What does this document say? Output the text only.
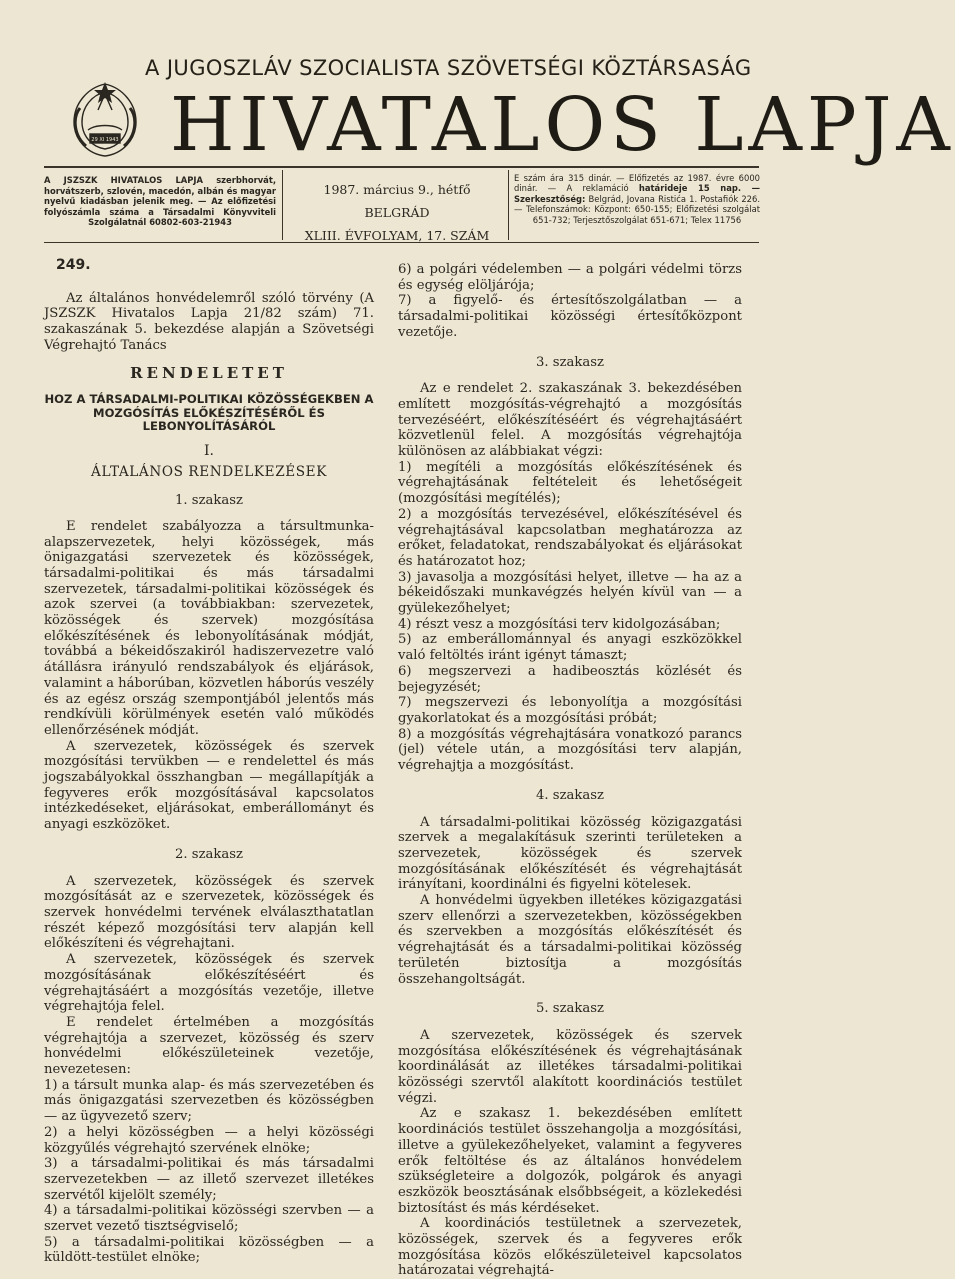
29 XI 1943
A JUGOSZLÁV SZOCIALISTA SZÖVETSÉGI KÖZTÁRSASÁG
HIVATALOS LAPJA
A JSZSZK HIVATALOS LAPJA szerbhorvát, horvátszerb, szlovén, macedón, albán és magyar nyelvű kiadásban jelenik meg. — Az előfizetési folyószámla száma a Társadalmi Könyvviteli Szolgálatnál 60802-603-21943
1987. március 9., hétfő
BELGRÁD
XLIII. ÉVFOLYAM, 17. SZÁM
E szám ára 315 dinár. — Előfizetés az 1987. évre 6000 dinár. — A reklamáció határideje 15 nap. — Szerkesztőség: Belgrád, Jovana Ristića 1. Postafiók 226. — Telefonszámok: Központ: 650-155; Előfizetési szolgálat 651-732; Terjesztőszolgálat 651-671; Telex 11756
249.

Az általános honvédelemről szóló törvény (A JSZSZK Hivatalos Lapja 21/82 szám) 71. szakaszának 5. bekezdése alapján a Szövetségi Végrehajtó Tanács

RENDELETET
HOZ A TÁRSADALMI-POLITIKAI KÖZÖSSÉGEKBEN A MOZGÓSÍTÁS ELŐKÉSZÍTÉSÉRŐL ÉS LEBONYOLÍTÁSÁRÓL
I.
ÁLTALÁNOS RENDELKEZÉSEK
1. szakasz

E rendelet szabályozza a társultmunka-alapszervezetek, helyi közösségek, más önigazgatási szervezetek és közösségek, társadalmi-politikai és más társadalmi szervezetek, társadalmi-politikai közösségek és azok szervei (a továbbiakban: szervezetek, közösségek és szervek) mozgósítása előkészítésének és lebonyolításának módját, továbbá a békeidőszakiról hadiszervezetre való átállásra irányuló rendszabályok és eljárások, valamint a háborúban, közvetlen háborús veszély és az egész ország szempontjából jelentős más rendkívüli körülmények esetén való működés ellenőrzésének módját.

A szervezetek, közösségek és szervek mozgósítási tervükben — e rendelettel és más jogszabályokkal összhangban — megállapítják a fegyveres erők mozgósításával kapcsolatos intézkedéseket, eljárásokat, emberállományt és anyagi eszközöket.

2. szakasz

A szervezetek, közösségek és szervek mozgósítását az e szervezetek, közösségek és szervek honvédelmi tervének elválaszthatatlan részét képező mozgósítási terv alapján kell előkészíteni és végrehajtani.

A szervezetek, közösségek és szervek mozgósításának előkészítéséért és végrehajtásáért a mozgósítás vezetője, illetve végrehajtója felel.

E rendelet értelmében a mozgósítás végrehajtója a szervezet, közösség és szerv honvédelmi előkészületeinek vezetője, nevezetesen:

1) a társult munka alap- és más szervezetében és más önigazgatási szervezetben és közösségben — az ügyvezető szerv;

2) a helyi közösségben — a helyi közösségi közgyűlés végrehajtó szervének elnöke;

3) a társadalmi-politikai és más társadalmi szervezetekben — az illető szervezet illetékes szervétől kijelölt személy;

4) a társadalmi-politikai közösségi szervben — a szervet vezető tisztségviselő;

5) a társadalmi-politikai közösségben — a küldött-testület elnöke;

6) a polgári védelemben — a polgári védelmi törzs és egység elöljárója;

7) a figyelő- és értesítőszolgálatban — a társadalmi-politikai közösségi értesítőközpont vezetője.

3. szakasz

Az e rendelet 2. szakaszának 3. bekezdésében említett mozgósítás-végrehajtó a mozgósítás tervezéséért, előkészítéséért és végrehajtásáért közvetlenül felel. A mozgósítás végrehajtója különösen az alábbiakat végzi:

1) megítéli a mozgósítás előkészítésének és végrehajtásának feltételeit és lehetőségeit (mozgósítási megítélés);

2) a mozgósítás tervezésével, előkészítésével és végrehajtásával kapcsolatban meghatározza az erőket, feladatokat, rendszabályokat és eljárásokat és határozatot hoz;

3) javasolja a mozgósítási helyet, illetve — ha az a békeidőszaki munkavégzés helyén kívül van — a gyülekezőhelyet;

4) részt vesz a mozgósítási terv kidolgozásában;

5) az emberállománnyal és anyagi eszközökkel való feltöltés iránt igényt támaszt;

6) megszervezi a hadibeosztás közlését és bejegyzését;

7) megszervezi és lebonyolítja a mozgósítási gyakorlatokat és a mozgósítási próbát;

8) a mozgósítás végrehajtására vonatkozó parancs (jel) vétele után, a mozgósítási terv alapján, végrehajtja a mozgósítást.

4. szakasz

A társadalmi-politikai közösség közigazgatási szervek a megalakításuk szerinti területeken a szervezetek, közösségek és szervek mozgósításának előkészítését és végrehajtását irányítani, koordinálni és figyelni kötelesek.

A honvédelmi ügyekben illetékes közigazgatási szerv ellenőrzi a szervezetekben, közösségekben és szervekben a mozgósítás előkészítését és végrehajtását és a társadalmi-politikai közösség területén biztosítja a mozgósítás összehangoltságát.

5. szakasz

A szervezetek, közösségek és szervek mozgósítása előkészítésének és végrehajtásának koordinálását az illetékes társadalmi-politikai közösségi szervtől alakított koordinációs testület végzi.

Az e szakasz 1. bekezdésében említett koordinációs testület összehangolja a mozgósítási, illetve a gyülekezőhelyeket, valamint a fegyveres erők feltöltése és az általános honvédelem szükségleteire a dolgozók, polgárok és anyagi eszközök beosztásának elsőbbségeit, a közlekedési biztosítást és más kérdéseket.

A koordinációs testületnek a szervezetek, közösségek, szervek és a fegyveres erők mozgósítása közös előkészületeivel kapcsolatos határozatai végrehajtá-
